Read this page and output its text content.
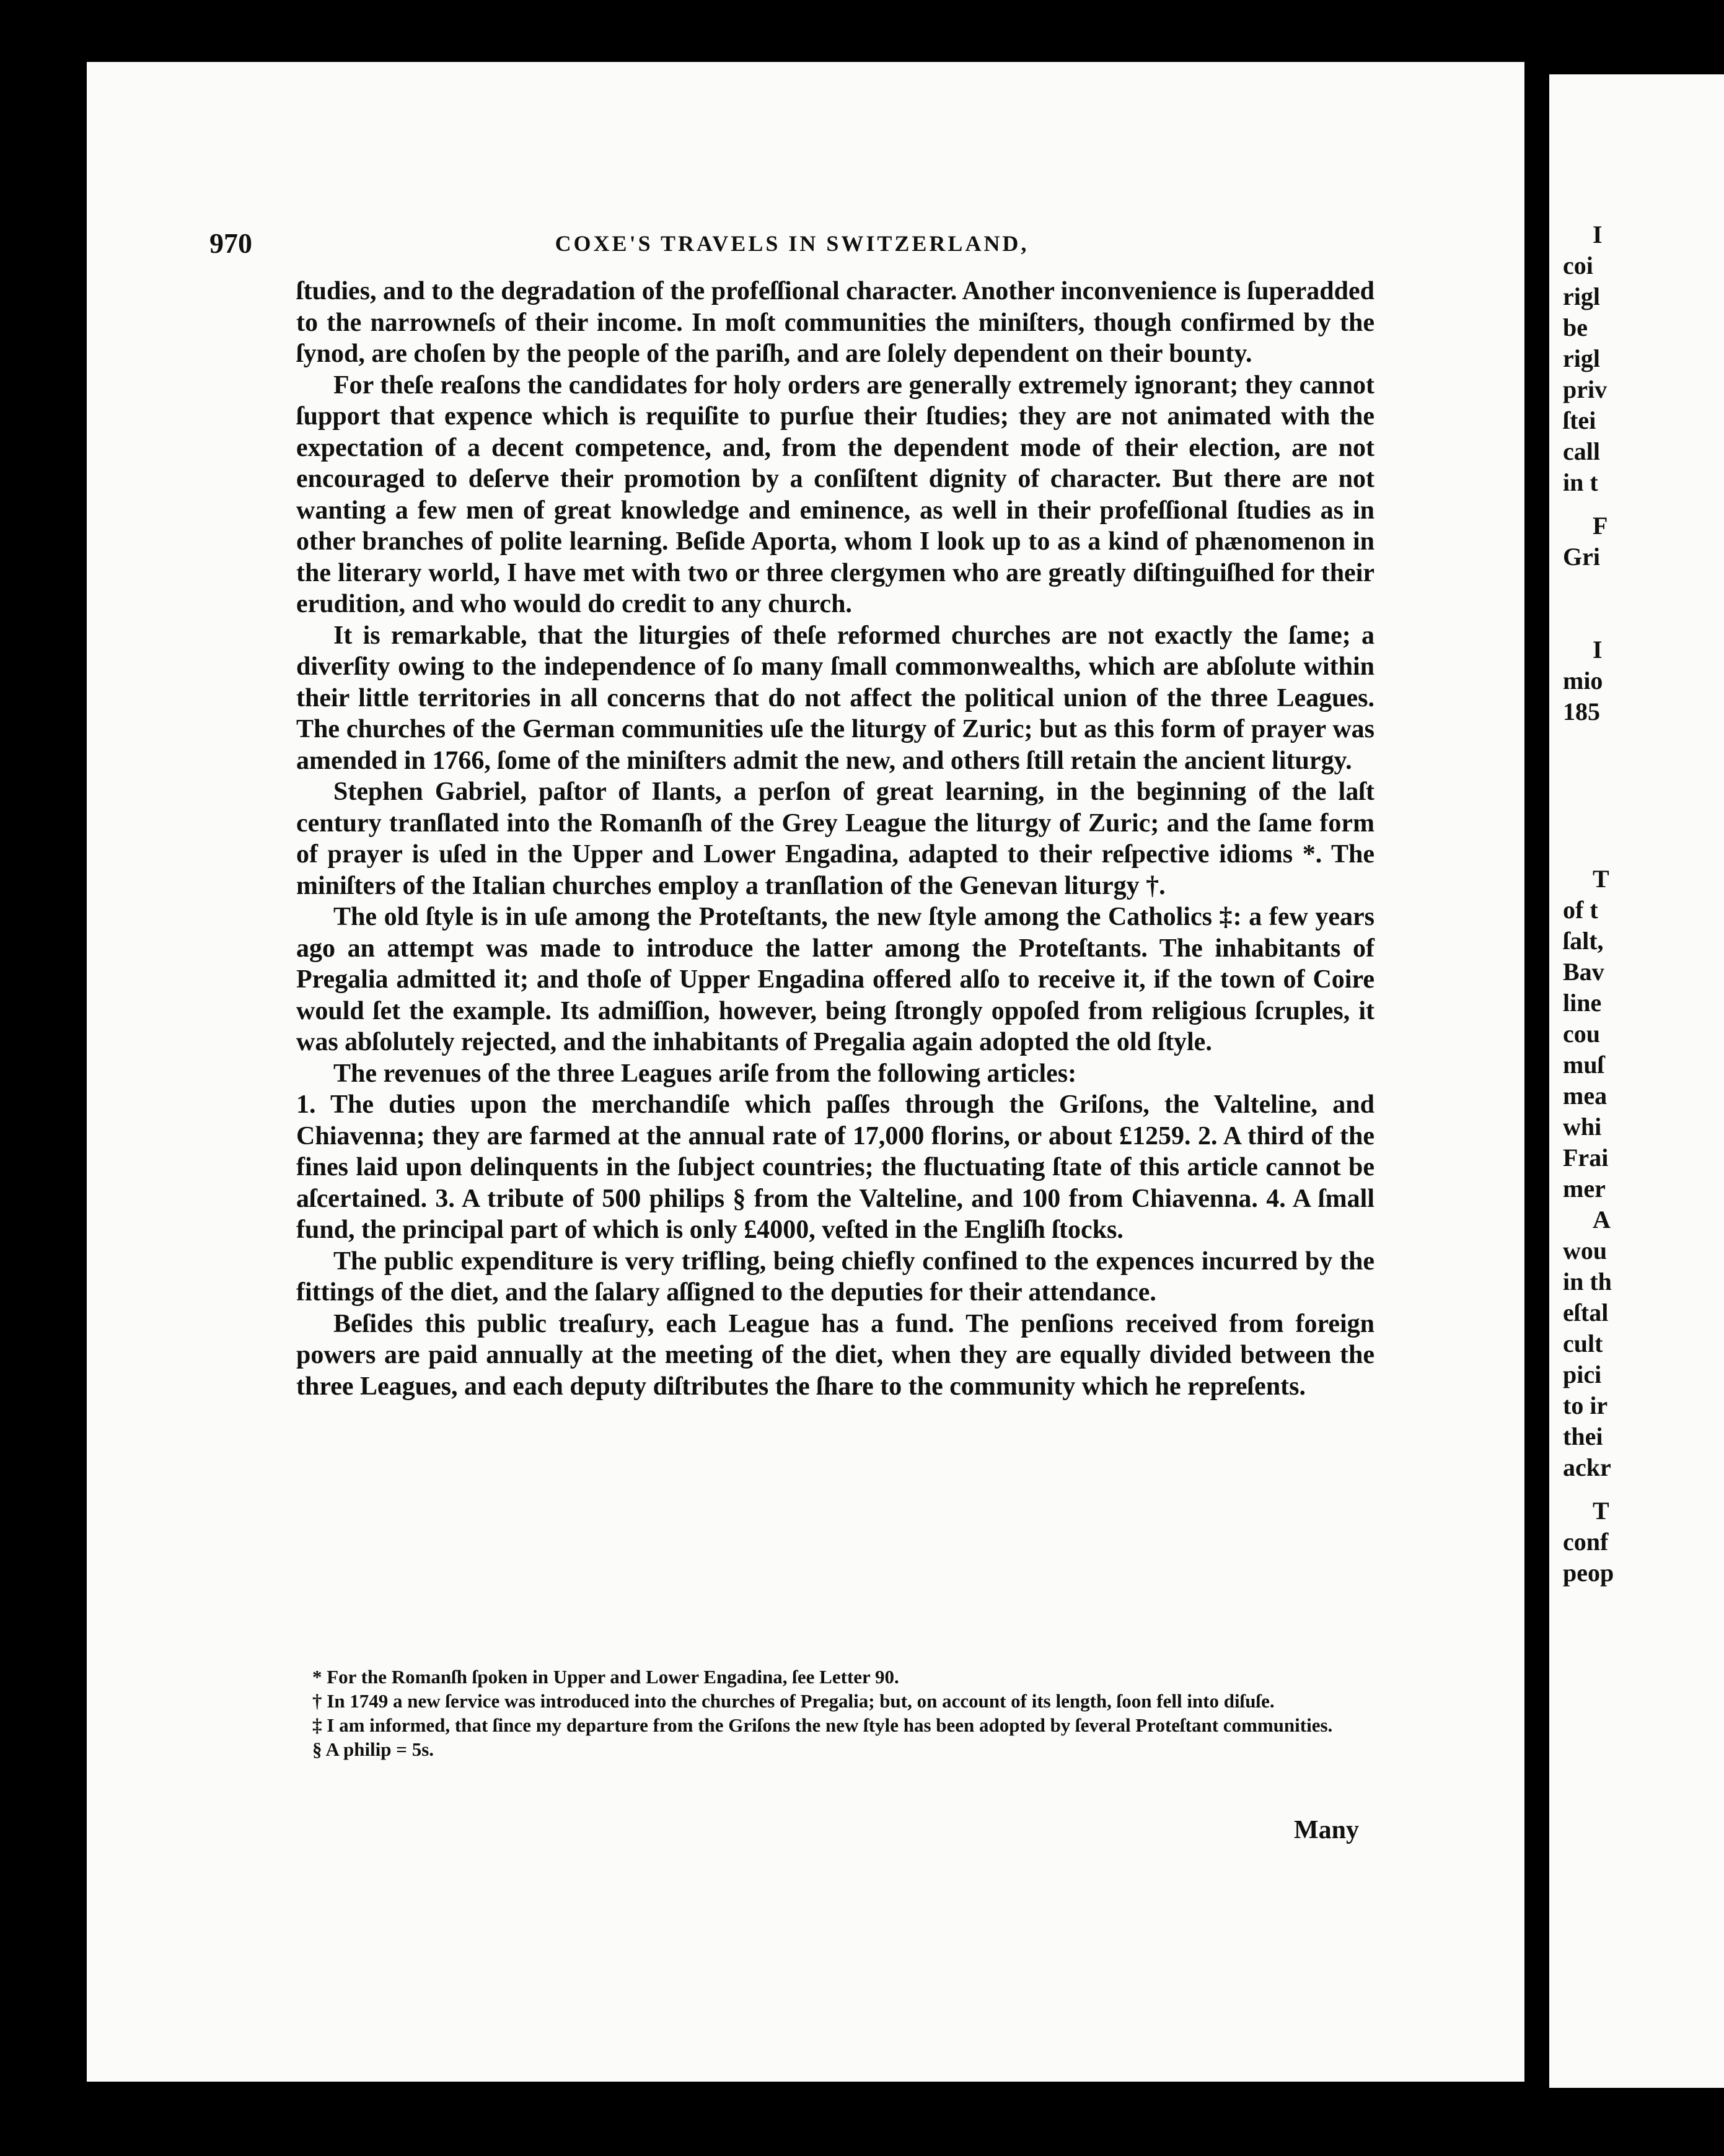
970	COXE'S TRAVELS IN SWITZERLAND,

ſtudies, and to the degradation of the profeſſional character. Another inconvenience is ſuperadded to the narrowneſs of their income. In moſt communities the miniſters, though confirmed by the ſynod, are choſen by the people of the pariſh, and are ſolely dependent on their bounty.

For theſe reaſons the candidates for holy orders are generally extremely ignorant; they cannot ſupport that expence which is requiſite to purſue their ſtudies; they are not animated with the expectation of a decent competence, and, from the dependent mode of their election, are not encouraged to deſerve their promotion by a conſiſtent dignity of character. But there are not wanting a few men of great knowledge and eminence, as well in their profeſſional ſtudies as in other branches of polite learning. Beſide Aporta, whom I look up to as a kind of phænomenon in the literary world, I have met with two or three clergymen who are greatly diſtinguiſhed for their erudition, and who would do credit to any church.

It is remarkable, that the liturgies of theſe reformed churches are not exactly the ſame; a diverſity owing to the independence of ſo many ſmall commonwealths, which are abſolute within their little territories in all concerns that do not affect the political union of the three Leagues. The churches of the German communities uſe the liturgy of Zuric; but as this form of prayer was amended in 1766, ſome of the miniſters admit the new, and others ſtill retain the ancient liturgy.

Stephen Gabriel, paſtor of Ilants, a perſon of great learning, in the beginning of the laſt century tranſlated into the Romanſh of the Grey League the liturgy of Zuric; and the ſame form of prayer is uſed in the Upper and Lower Engadina, adapted to their reſpective idioms *. The miniſters of the Italian churches employ a tranſlation of the Genevan liturgy †.

The old ſtyle is in uſe among the Proteſtants, the new ſtyle among the Catholics ‡: a few years ago an attempt was made to introduce the latter among the Proteſtants. The inhabitants of Pregalia admitted it; and thoſe of Upper Engadina offered alſo to receive it, if the town of Coire would ſet the example. Its admiſſion, however, being ſtrongly oppoſed from religious ſcruples, it was abſolutely rejected, and the inhabitants of Pregalia again adopted the old ſtyle.

The revenues of the three Leagues ariſe from the following articles:

1. The duties upon the merchandiſe which paſſes through the Griſons, the Valteline, and Chiavenna; they are farmed at the annual rate of 17,000 florins, or about £1259. 2. A third of the fines laid upon delinquents in the ſubject countries; the fluctuating ſtate of this article cannot be aſcertained. 3. A tribute of 500 philips § from the Valteline, and 100 from Chiavenna. 4. A ſmall fund, the principal part of which is only £4000, veſted in the Engliſh ſtocks.

The public expenditure is very trifling, being chiefly confined to the expences incurred by the fittings of the diet, and the ſalary aſſigned to the deputies for their attendance.

Beſides this public treaſury, each League has a fund. The penſions received from foreign powers are paid annually at the meeting of the diet, when they are equally divided between the three Leagues, and each deputy diſtributes the ſhare to the community which he repreſents.

* For the Romanſh ſpoken in Upper and Lower Engadina, ſee Letter 90.

† In 1749 a new ſervice was introduced into the churches of Pregalia; but, on account of its length, ſoon fell into diſuſe.

‡ I am informed, that ſince my departure from the Griſons the new ſtyle has been adopted by ſeveral Proteſtant communities.

§ A philip = 5s.

Many
I
coi
rigl
be
rigl
priv
ſtei
call
in t
F
Gri
I
mio
185
T
of t
ſalt,
Bav
line
cou
muſ
mea
whi
Frai
mer
A
wou
in th
eſtal
cult
pici
to ir
thei
ackr
T
conf
peop
